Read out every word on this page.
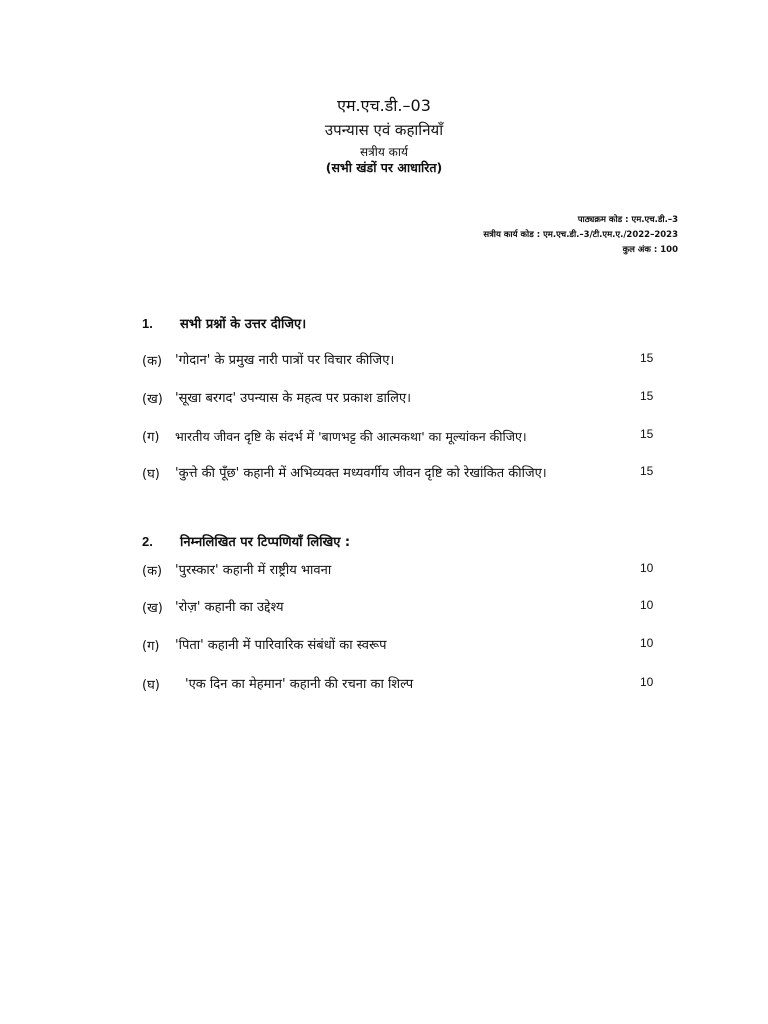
एम.एच.डी.–03
उपन्यास एवं कहानियाँ
सत्रीय कार्य
(सभी खंडों पर आधारित)
पाठ्यक्रम कोड : एम.एच.डी.–3
सत्रीय कार्य कोड : एम.एच.डी.–3/टी.एम.ए./2022–2023
कुल अंक : 100
1. सभी प्रश्नों के उत्तर दीजिए।
(क) 'गोदान' के प्रमुख नारी पात्रों पर विचार कीजिए।	15
(ख) 'सूखा बरगद' उपन्यास के महत्व पर प्रकाश डालिए।	15
(ग) भारतीय जीवन दृष्टि के संदर्भ में 'बाणभट्ट की आत्मकथा' का मूल्यांकन कीजिए।	15
(घ) 'कुत्ते की पूँछ' कहानी में अभिव्यक्त मध्यवर्गीय जीवन दृष्टि को रेखांकित कीजिए।	15
2. निम्नलिखित पर टिप्पणियाँ लिखिए :
(क) 'पुरस्कार' कहानी में राष्ट्रीय भावना	10
(ख) 'रोज़' कहानी का उद्देश्य	10
(ग) 'पिता' कहानी में पारिवारिक संबंधों का स्वरूप	10
(घ) 'एक दिन का मेहमान' कहानी की रचना का शिल्प	10
